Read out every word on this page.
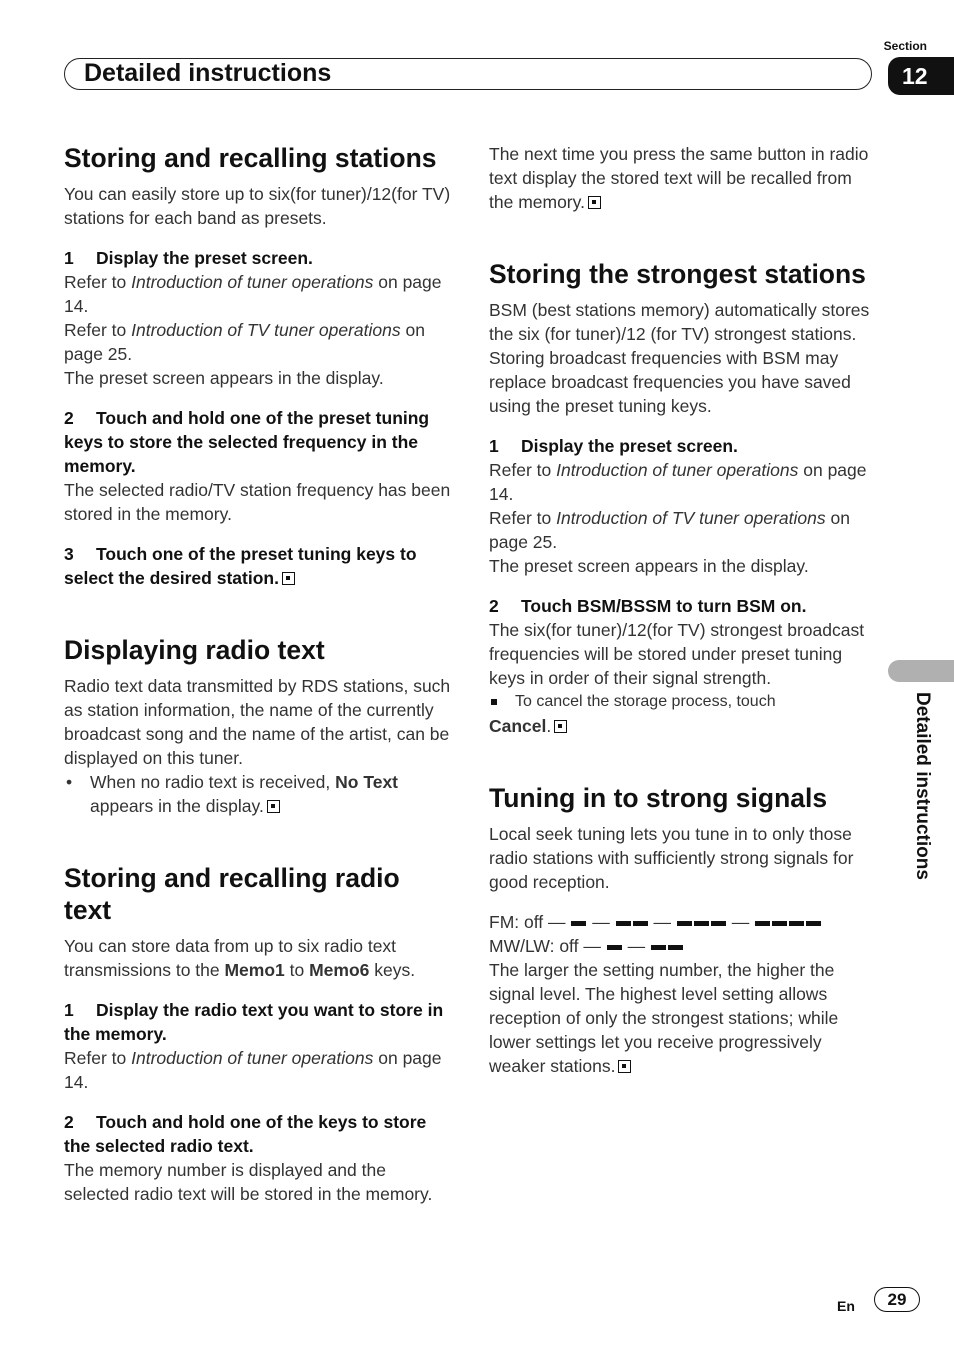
Detailed instructions
Section
12
Detailed instructions
Storing and recalling stations

You can easily store up to six(for tuner)/12(for TV) stations for each band as presets.

1 Display the preset screen.

Refer to Introduction of tuner operations on page 14.

Refer to Introduction of TV tuner operations on page 25.

The preset screen appears in the display.

2 Touch and hold one of the preset tuning keys to store the selected frequency in the memory.

The selected radio/TV station frequency has been stored in the memory.

3 Touch one of the preset tuning keys to select the desired station.

Displaying radio text

Radio text data transmitted by RDS stations, such as station information, the name of the currently broadcast song and the name of the artist, can be displayed on this tuner.

• When no radio text is received, No Text appears in the display.

Storing and recalling radio text

You can store data from up to six radio text transmissions to the Memo1 to Memo6 keys.

1 Display the radio text you want to store in the memory.

Refer to Introduction of tuner operations on page 14.

2 Touch and hold one of the keys to store the selected radio text.

The memory number is displayed and the selected radio text will be stored in the memory.

The next time you press the same button in radio text display the stored text will be recalled from the memory.

Storing the strongest stations

BSM (best stations memory) automatically stores the six (for tuner)/12 (for TV) strongest stations.

Storing broadcast frequencies with BSM may replace broadcast frequencies you have saved using the preset tuning keys.

1 Display the preset screen.

Refer to Introduction of tuner operations on page 14.

Refer to Introduction of TV tuner operations on page 25.

The preset screen appears in the display.

2 Touch BSM/BSSM to turn BSM on.

The six(for tuner)/12(for TV) strongest broadcast frequencies will be stored under preset tuning keys in order of their signal strength.

To cancel the storage process, touch

Cancel.

Tuning in to strong signals

Local seek tuning lets you tune in to only those radio stations with sufficiently strong signals for good reception.

FM: off —  —  —	—

MW/LW: off —  —

The larger the setting number, the higher the signal level. The highest level setting allows reception of only the strongest stations; while lower settings let you receive progressively weaker stations.

En	29
